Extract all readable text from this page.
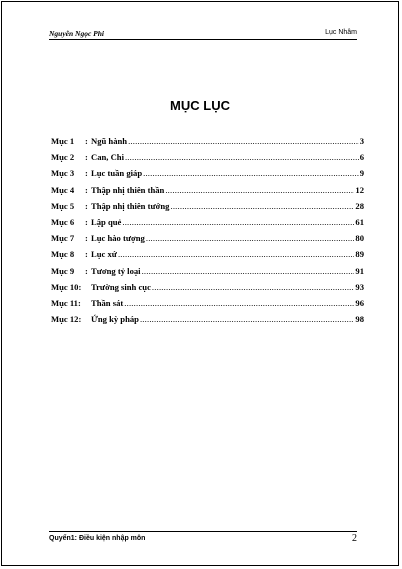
Nguyễn Ngọc Phi	Lục Nhâm
MỤC LỤC
Mục 1	: Ngũ hành .....	3
Mục 2	: Can, Chi .....	6
Mục 3	: Lục tuần giáp .....	9
Mục 4	: Thập nhị thiên thần .....	12
Mục 5	: Thập nhị thiên tướng .....	28
Mục 6	: Lập quẻ .....	61
Mục 7	: Lục hào tượng .....	80
Mục 8	: Lục xứ .....	89
Mục 9	: Tương tỷ loại .....	91
Mục 10:	Trường sinh cục .....	93
Mục 11:	Thần sát .....	96
Mục 12:	Ứng kỳ pháp .....	98
Quyển1: Điều kiện nhập môn	2
